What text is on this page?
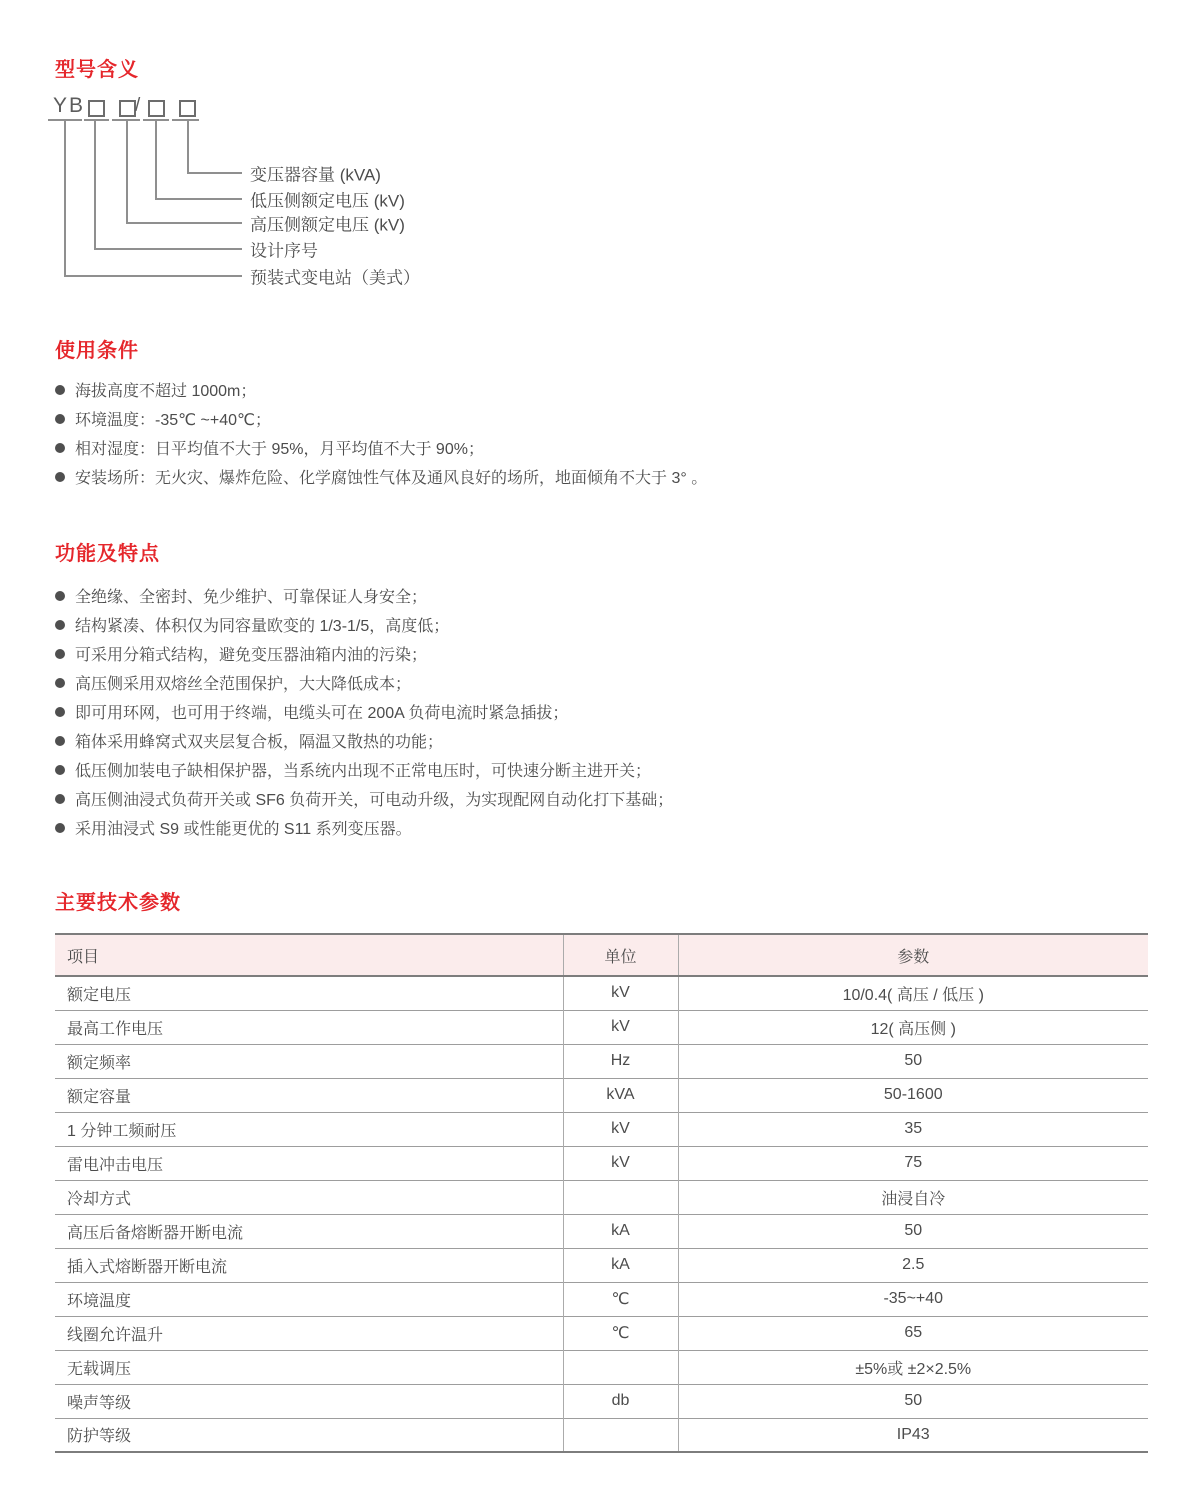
型号含义
YB	/
变压器容量 (kVA)
低压侧额定电压 (kV)
高压侧额定电压 (kV)
设计序号
预装式变电站（美式）
使用条件
海拔高度不超过 1000m；
环境温度：-35℃ ~+40℃；
相对湿度：日平均值不大于 95%，月平均值不大于 90%；
安装场所：无火灾、爆炸危险、化学腐蚀性气体及通风良好的场所，地面倾角不大于 3° 。
功能及特点
全绝缘、全密封、免少维护、可靠保证人身安全；
结构紧凑、体积仅为同容量欧变的 1/3-1/5，高度低；
可采用分箱式结构，避免变压器油箱内油的污染；
高压侧采用双熔丝全范围保护，大大降低成本；
即可用环网，也可用于终端，电缆头可在 200A 负荷电流时紧急插拔；
箱体采用蜂窝式双夹层复合板，隔温又散热的功能；
低压侧加装电子缺相保护器，当系统内出现不正常电压时，可快速分断主进开关；
高压侧油浸式负荷开关或 SF6 负荷开关，可电动升级，为实现配网自动化打下基础；
采用油浸式 S9 或性能更优的 S11 系列变压器。
主要技术参数
项目	单位	参数
额定电压	kV	10/0.4( 高压 / 低压 )
最高工作电压	kV	12( 高压侧 )
额定频率	Hz	50
额定容量	kVA	50-1600
1 分钟工频耐压	kV	35
雷电冲击电压	kV	75
冷却方式		油浸自冷
高压后备熔断器开断电流	kA	50
插入式熔断器开断电流	kA	2.5
环境温度	℃	-35~+40
线圈允许温升	℃	65
无载调压		±5%或 ±2×2.5%
噪声等级	db	50
防护等级		IP43
